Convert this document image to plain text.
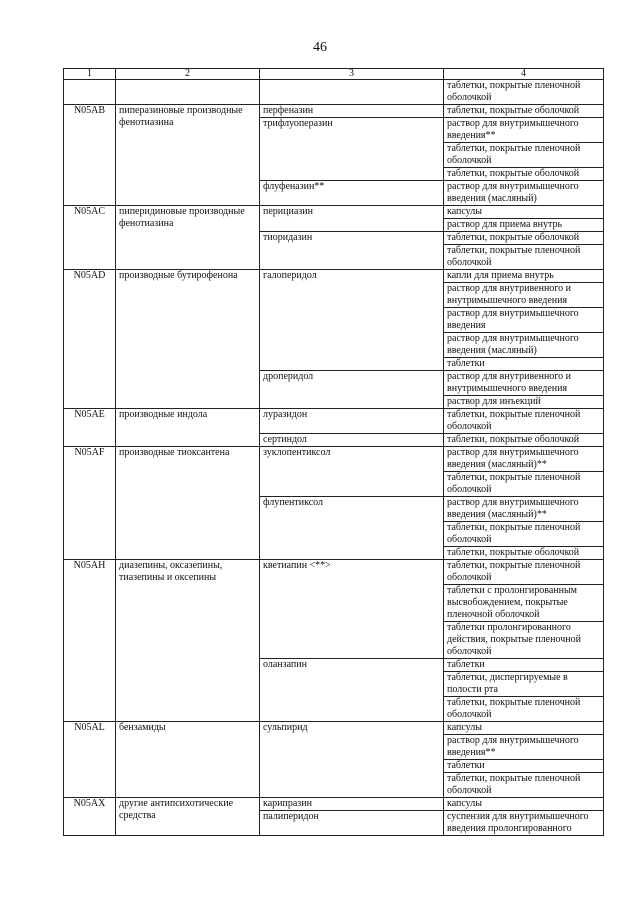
46
1	2	3	4
			таблетки, покрытые пленочной оболочкой
N05AB	пиперазиновые производные фенотиазина	перфеназин	таблетки, покрытые оболочкой
		трифлуоперазин	раствор для внутримышечного введения**
			таблетки, покрытые пленочной оболочкой
			таблетки, покрытые оболочкой
		флуфеназин**	раствор для внутримышечного введения (масляный)
N05AC	пиперидиновые производные фенотиазина	перициазин	капсулы
			раствор для приема внутрь
		тиоридазин	таблетки, покрытые оболочкой
			таблетки, покрытые пленочной оболочкой
N05AD	производные бутирофенона	галоперидол	капли для приема внутрь
			раствор для внутривенного и внутримышечного введения
			раствор для внутримышечного введения
			раствор для внутримышечного введения (масляный)
			таблетки
		дроперидол	раствор для внутривенного и внутримышечного введения
			раствор для инъекций
N05AE	производные индола	луразидон	таблетки, покрытые пленочной оболочкой
		сертиндол	таблетки, покрытые оболочкой
N05AF	производные тиоксантена	зуклопентиксол	раствор для внутримышечного введения (масляный)**
			таблетки, покрытые пленочной оболочкой
		флупентиксол	раствор для внутримышечного введения (масляный)**
			таблетки, покрытые пленочной оболочкой
			таблетки, покрытые оболочкой
N05AH	диазепины, оксазепины, тиазепины и оксепины	кветиапин <**>	таблетки, покрытые пленочной оболочкой
			таблетки с пролонгированным высвобождением, покрытые пленочной оболочкой
			таблетки пролонгированного действия, покрытые пленочной оболочкой
		оланзапин	таблетки
			таблетки, диспергируемые в полости рта
			таблетки, покрытые пленочной оболочкой
N05AL	бензамиды	сульпирид	капсулы
			раствор для внутримышечного введения**
			таблетки
			таблетки, покрытые пленочной оболочкой
N05AX	другие антипсихотические средства	карипразин	капсулы
		палиперидон	суспензия для внутримышечного введения пролонгированного
